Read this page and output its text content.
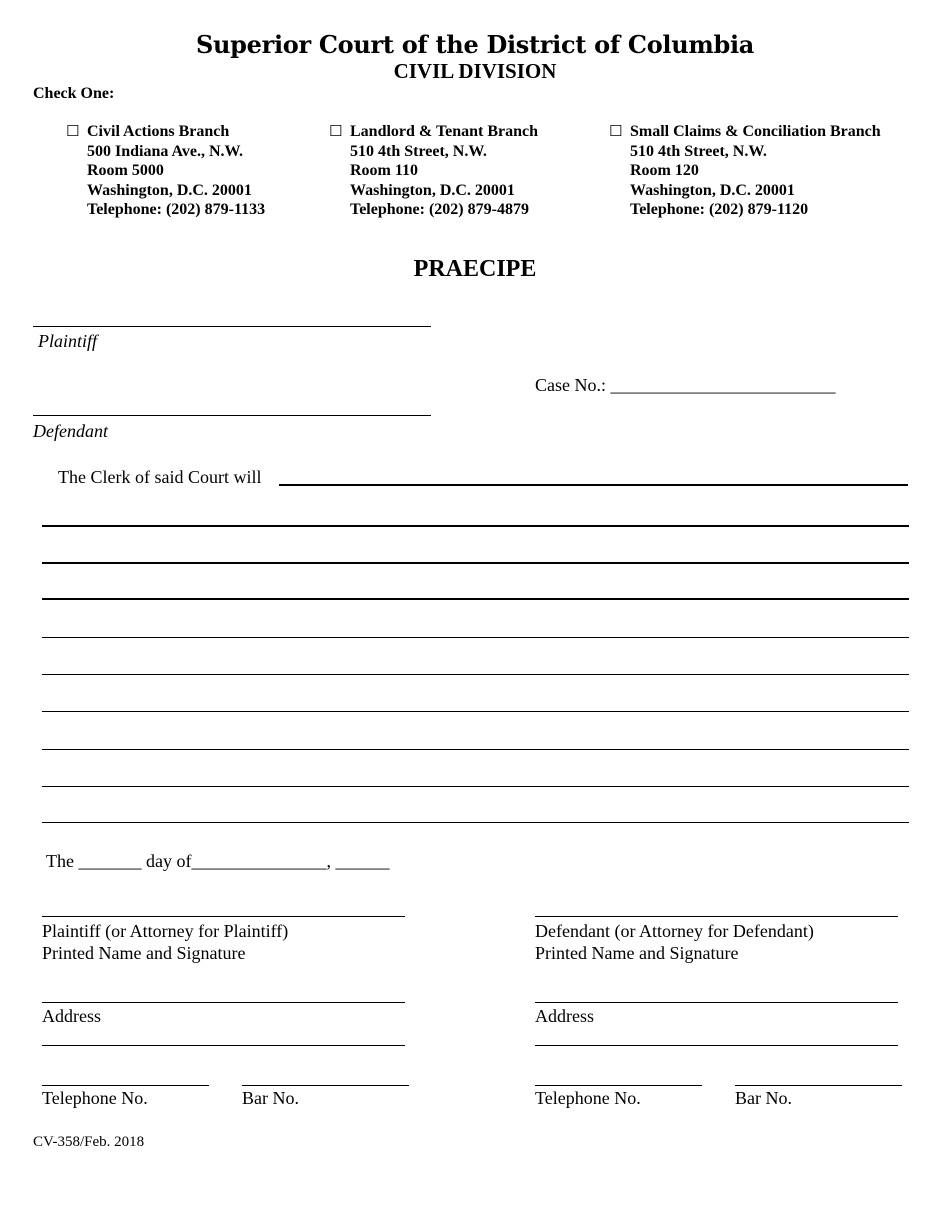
Superior Court of the District of Columbia
CIVIL DIVISION
Check One:
☐ Civil Actions Branch
500 Indiana Ave., N.W.
Room 5000
Washington, D.C. 20001
Telephone: (202) 879-1133
☐ Landlord & Tenant Branch
510 4th Street, N.W.
Room 110
Washington, D.C. 20001
Telephone: (202) 879-4879
☐ Small Claims & Conciliation Branch
510 4th Street, N.W.
Room 120
Washington, D.C. 20001
Telephone: (202) 879-1120
PRAECIPE
Plaintiff
Case No.: _________________________
Defendant
The Clerk of said Court will
The _______ day of_______________, ______
Plaintiff (or Attorney for Plaintiff)
Printed Name and Signature
Address
Telephone No.	Bar No.
Defendant (or Attorney for Defendant)
Printed Name and Signature
Address
Telephone No.	Bar No.
CV-358/Feb. 2018
